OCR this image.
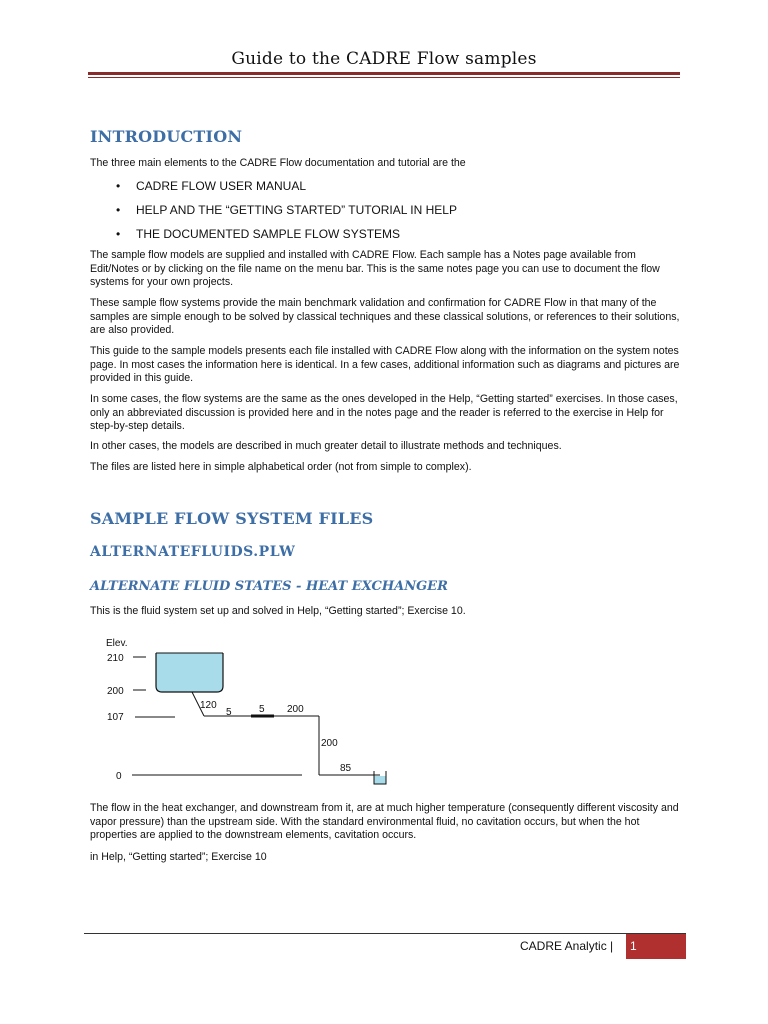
Guide to the CADRE Flow samples
INTRODUCTION
The three main elements to the CADRE Flow documentation and tutorial are the
• CADRE FLOW USER MANUAL
• HELP AND THE “GETTING STARTED” TUTORIAL IN HELP
• THE DOCUMENTED SAMPLE FLOW SYSTEMS
The sample flow models are supplied and installed with CADRE Flow. Each sample has a Notes page available from Edit/Notes or by clicking on the file name on the menu bar. This is the same notes page you can use to document the flow systems for your own projects.
These sample flow systems provide the main benchmark validation and confirmation for CADRE Flow in that many of the samples are simple enough to be solved by classical techniques and these classical solutions, or references to their solutions, are also provided.
This guide to the sample models presents each file installed with CADRE Flow along with the information on the system notes page. In most cases the information here is identical. In a few cases, additional information such as diagrams and pictures are provided in this guide.
In some cases, the flow systems are the same as the ones developed in the Help, “Getting started” exercises. In those cases, only an abbreviated discussion is provided here and in the notes page and the reader is referred to the exercise in Help for step-by-step details.
In other cases, the models are described in much greater detail to illustrate methods and techniques.
The files are listed here in simple alphabetical order (not from simple to complex).
SAMPLE FLOW SYSTEM FILES
ALTERNATEFLUIDS.PLW
ALTERNATE FLUID STATES - HEAT EXCHANGER
This is the fluid system set up and solved in Help, “Getting started”; Exercise 10.
Elev.
210
200
107
0
120
5	5 200
200
85
The flow in the heat exchanger, and downstream from it, are at much higher temperature (consequently different viscosity and vapor pressure) than the upstream side. With the standard environmental fluid, no cavitation occurs, but when the hot properties are applied to the downstream elements, cavitation occurs.
in Help, “Getting started”; Exercise 10
CADRE Analytic |	1
